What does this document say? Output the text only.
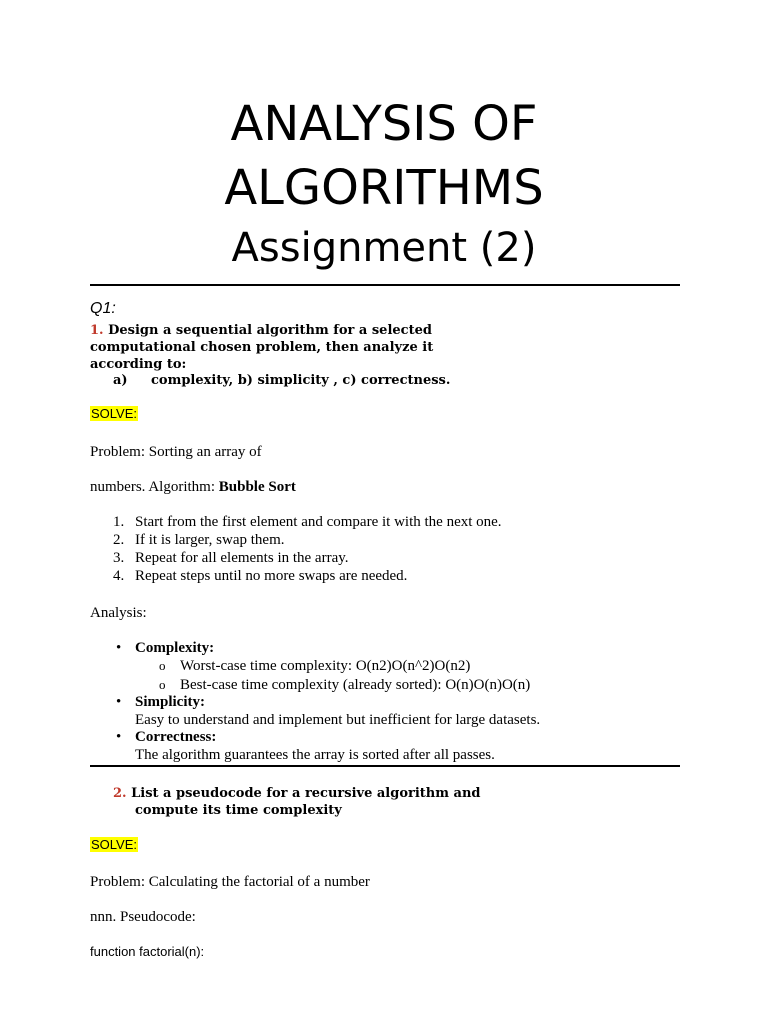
ANALYSIS OF
ALGORITHMS
Assignment (2)
Q1:
1. Design a sequential algorithm for a selected
computational chosen problem, then analyze it
according to:
a) complexity, b) simplicity , c) correctness.
SOLVE:
Problem: Sorting an array of
numbers. Algorithm: Bubble Sort
1. Start from the first element and compare it with the next one.
2. If it is larger, swap them.
3. Repeat for all elements in the array.
4. Repeat steps until no more swaps are needed.
Analysis:
• Complexity:
o Worst-case time complexity: O(n2)O(n^2)O(n2)
o Best-case time complexity (already sorted): O(n)O(n)O(n)
• Simplicity:
Easy to understand and implement but inefficient for large datasets.
• Correctness:
The algorithm guarantees the array is sorted after all passes.
2. List a pseudocode for a recursive algorithm and
compute its time complexity
SOLVE:
Problem: Calculating the factorial of a number
nnn. Pseudocode:
function factorial(n):
